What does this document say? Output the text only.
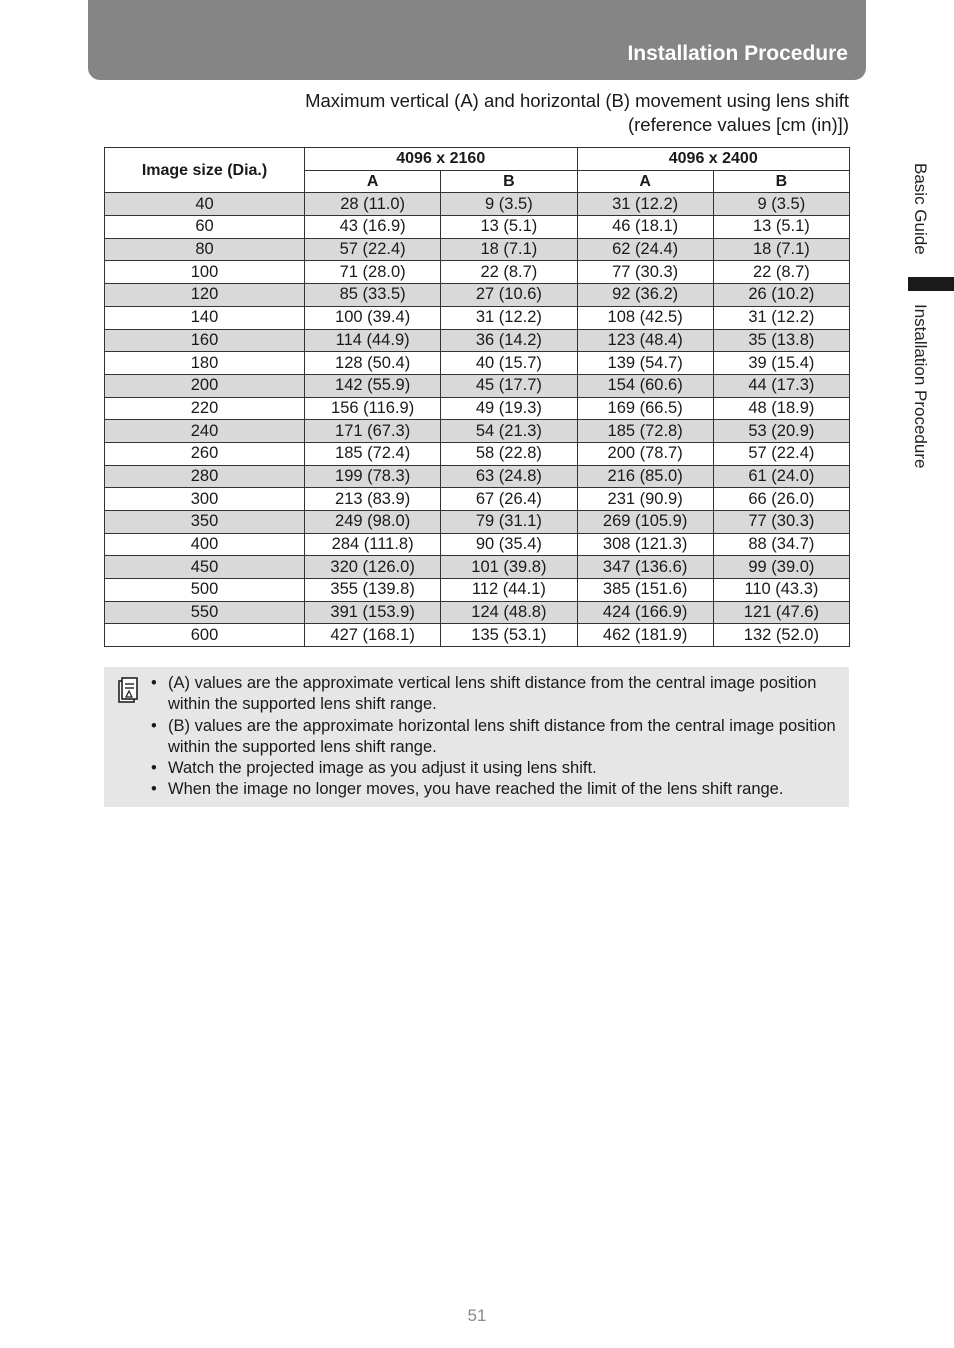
Installation Procedure
Maximum vertical (A) and horizontal (B) movement using lens shift
(reference values [cm (in)])
Image size (Dia.)	4096 x 2160		4096 x 2400	
	A	B	A	B
40	28 (11.0)	9 (3.5)	31 (12.2)	9 (3.5)
60	43 (16.9)	13 (5.1)	46 (18.1)	13 (5.1)
80	57 (22.4)	18 (7.1)	62 (24.4)	18 (7.1)
100	71 (28.0)	22 (8.7)	77 (30.3)	22 (8.7)
120	85 (33.5)	27 (10.6)	92 (36.2)	26 (10.2)
140	100 (39.4)	31 (12.2)	108 (42.5)	31 (12.2)
160	114 (44.9)	36 (14.2)	123 (48.4)	35 (13.8)
180	128 (50.4)	40 (15.7)	139 (54.7)	39 (15.4)
200	142 (55.9)	45 (17.7)	154 (60.6)	44 (17.3)
220	156 (116.9)	49 (19.3)	169 (66.5)	48 (18.9)
240	171 (67.3)	54 (21.3)	185 (72.8)	53 (20.9)
260	185 (72.4)	58 (22.8)	200 (78.7)	57 (22.4)
280	199 (78.3)	63 (24.8)	216 (85.0)	61 (24.0)
300	213 (83.9)	67 (26.4)	231 (90.9)	66 (26.0)
350	249 (98.0)	79 (31.1)	269 (105.9)	77 (30.3)
400	284 (111.8)	90 (35.4)	308 (121.3)	88 (34.7)
450	320 (126.0)	101 (39.8)	347 (136.6)	99 (39.0)
500	355 (139.8)	112 (44.1)	385 (151.6)	110 (43.3)
550	391 (153.9)	124 (48.8)	424 (166.9)	121 (47.6)
600	427 (168.1)	135 (53.1)	462 (181.9)	132 (52.0)
• (A) values are the approximate vertical lens shift distance from the central image position within the supported lens shift range.
• (B) values are the approximate horizontal lens shift distance from the central image position within the supported lens shift range.
• Watch the projected image as you adjust it using lens shift.
• When the image no longer moves, you have reached the limit of the lens shift range.
Basic Guide
Installation Procedure
51
